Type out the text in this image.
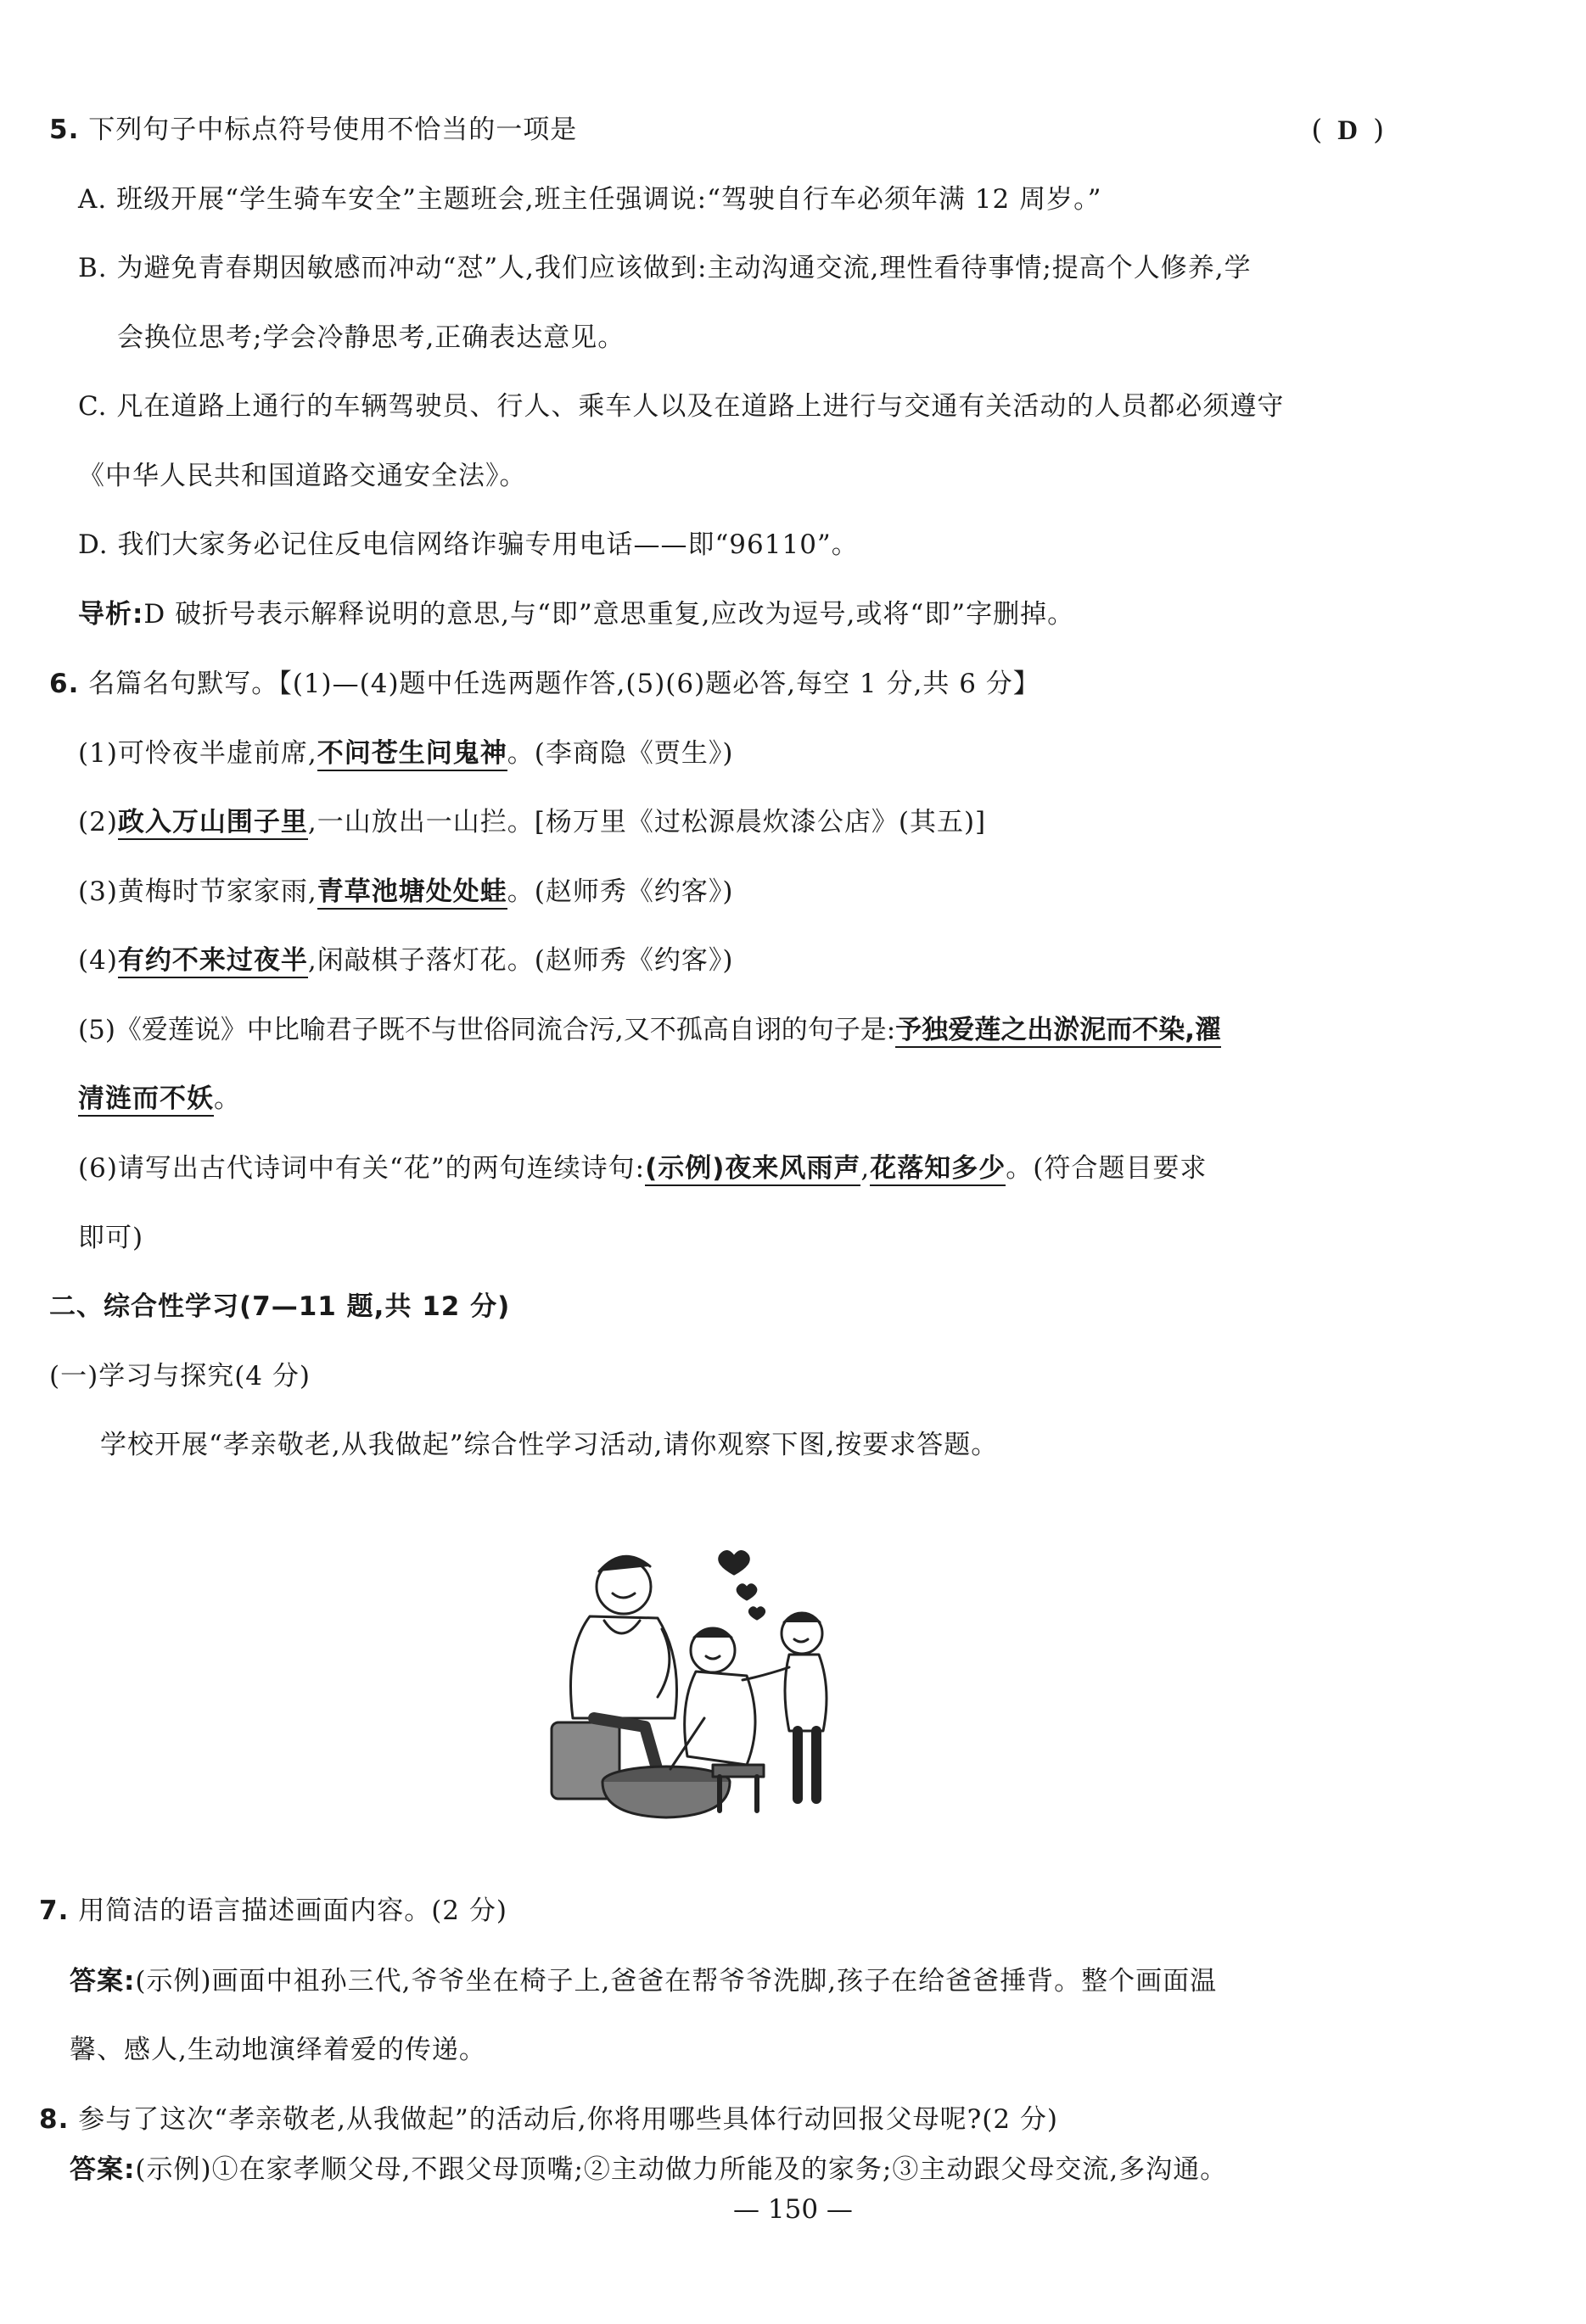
5. 下列句子中标点符号使用不恰当的一项是	( D )
A. 班级开展“学生骑车安全”主题班会,班主任强调说:“驾驶自行车必须年满 12 周岁。”
B. 为避免青春期因敏感而冲动“怼”人,我们应该做到:主动沟通交流,理性看待事情;提高个人修养,学
会换位思考;学会冷静思考,正确表达意见。
C. 凡在道路上通行的车辆驾驶员、行人、乘车人以及在道路上进行与交通有关活动的人员都必须遵守
《中华人民共和国道路交通安全法》。
D. 我们大家务必记住反电信网络诈骗专用电话——即“96110”。
导析:D 破折号表示解释说明的意思,与“即”意思重复,应改为逗号,或将“即”字删掉。
6. 名篇名句默写。【(1)—(4)题中任选两题作答,(5)(6)题必答,每空 1 分,共 6 分】
(1)可怜夜半虚前席,不问苍生问鬼神。(李商隐《贾生》)
(2)政入万山围子里,一山放出一山拦。[杨万里《过松源晨炊漆公店》(其五)]
(3)黄梅时节家家雨,青草池塘处处蛙。(赵师秀《约客》)
(4)有约不来过夜半,闲敲棋子落灯花。(赵师秀《约客》)
(5)《爱莲说》中比喻君子既不与世俗同流合污,又不孤高自诩的句子是:予独爱莲之出淤泥而不染,濯
清涟而不妖。
(6)请写出古代诗词中有关“花”的两句连续诗句:(示例)夜来风雨声,花落知多少。(符合题目要求
即可)
二、综合性学习(7—11 题,共 12 分)
(一)学习与探究(4 分)
学校开展“孝亲敬老,从我做起”综合性学习活动,请你观察下图,按要求答题。
7. 用简洁的语言描述画面内容。(2 分)
答案:(示例)画面中祖孙三代,爷爷坐在椅子上,爸爸在帮爷爷洗脚,孩子在给爸爸捶背。整个画面温
馨、感人,生动地演绎着爱的传递。
8. 参与了这次“孝亲敬老,从我做起”的活动后,你将用哪些具体行动回报父母呢?(2 分)
答案:(示例)①在家孝顺父母,不跟父母顶嘴;②主动做力所能及的家务;③主动跟父母交流,多沟通。
— 150 —
